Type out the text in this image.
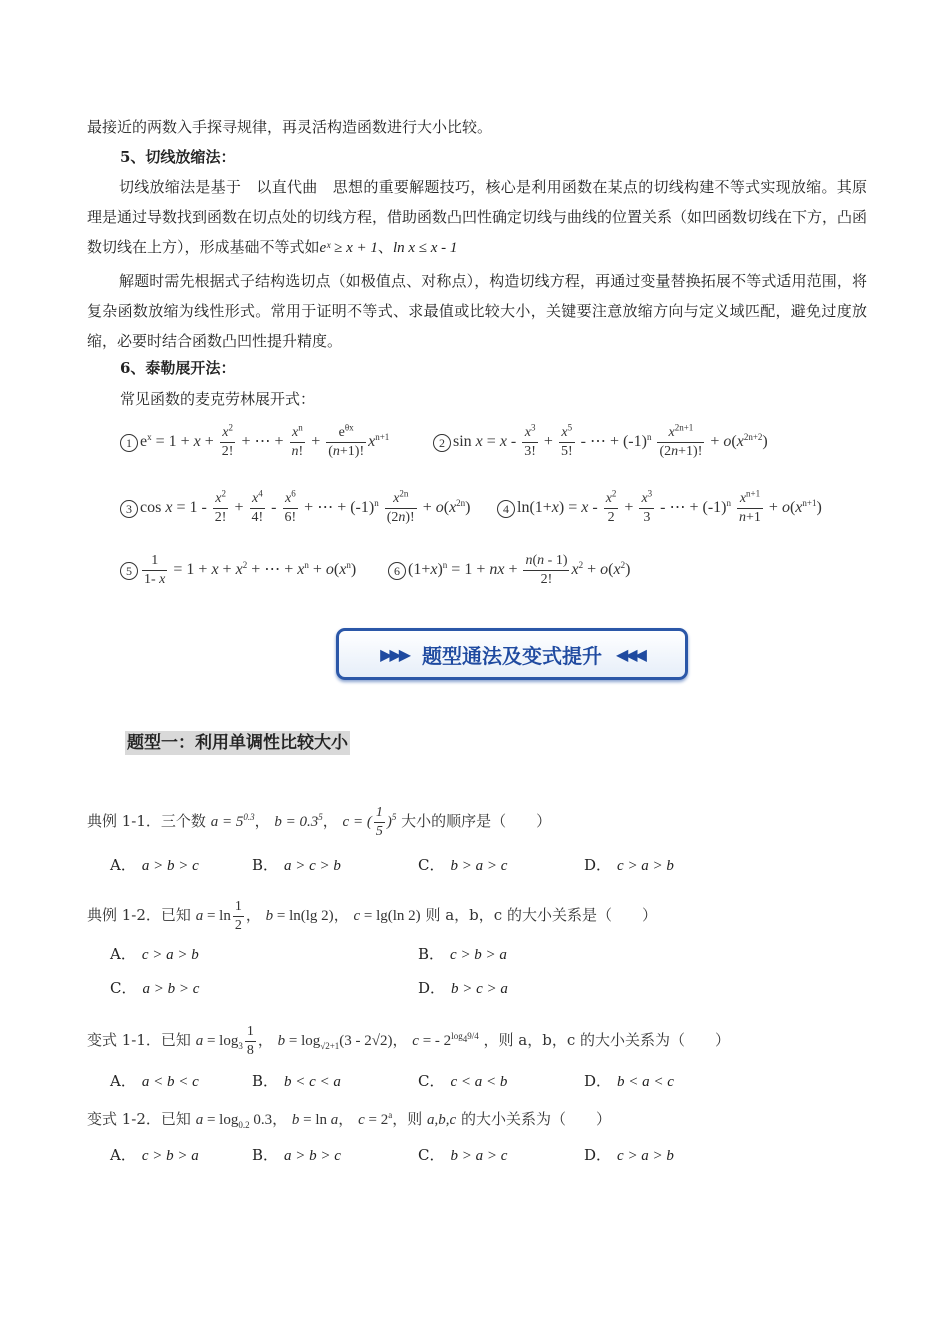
最接近的两数入手探寻规律，再灵活构造函数进行大小比较。
5、切线放缩法：
切线放缩法是基于　以直代曲　思想的重要解题技巧，核心是利用函数在某点的切线构建不等式实现放缩。其原理是通过导数找到函数在切点处的切线方程，借助函数凸凹性确定切线与曲线的位置关系（如凹函数切线在下方，凸函数切线在上方），形成基础不等式如eˣ ≥ x + 1、ln x ≤ x - 1
解题时需先根据式子结构选切点（如极值点、对称点），构造切线方程，再通过变量替换拓展不等式适用范围，将复杂函数放缩为线性形式。常用于证明不等式、求最值或比较大小，关键要注意放缩方向与定义域匹配，避免过度放缩，必要时结合函数凸凹性提升精度。
6、泰勒展开法：
常见函数的麦克劳林展开式：
1 $e^x = 1 + x + \frac{x^2}{2!}$ + ⋯ + $\frac{x^n}{n!} + \frac{e^{\theta x}}{(n+1)!} x^{n+1}$	2 $\sin x = x - \frac{x^3}{3!} + \frac{x^5}{5!}$ - ⋯ + $(-1)^n \frac{x^{2n+1}}{(2n+1)!} + o(x^{2n+2})$
3 $\cos x = 1 - \frac{x^2}{2!} + \frac{x^4}{4!} - \frac{x^6}{6!}$ + ⋯ + $(-1)^n \frac{x^{2n}}{(2n)!} + o(x^{2n})$	4 $\ln(1+x) = x - \frac{x^2}{2} + \frac{x^3}{3}$ - ⋯ + $(-1)^n \frac{x^{n+1}}{n+1} + o(x^{n+1})$
$5 \frac{1}{1- x} = 1 + x + x^2$ + ⋯ + $x^n + o(x^n)$	6 $(1+x)^n = 1$ + nx + $\frac{n(n - 1)}{2!} x^2 + o(x^2)$
▶▶▶ 题型通法及变式提升 ◀◀◀
题型一：利用单调性比较大小
典例 1-1．三个数 $a = 5^{0.3}$， $b = 0.3^5$， c = ( $\frac{1}{5} )^5$ 大小的顺序是（　　）
A． a > b > c	B． a > c > b	C． b > a > c	D． c > a > b
典例 1-2．已知 $a = \ln \frac{1}{2}$ ， b = ln(lg 2)， c = lg(ln 2) 则 a，b，c 的大小关系是（　　）
A． c > a > b	B． c > b > a
C． a > b > c	D． b > c > a
变式 1-1．已知 $a = \log_3 \frac{1}{8}$ ， $b = \log_{√2+1}(3 - 2√2)$， c = - $2^{log_49/4}$ ，则 a，b，c 的大小关系为（　　）
A． a < b < c	B． b < c < a	C． c < a < b	D． b < a < c
变式 1-2．已知 $a = \log_{0.2} 0.3$， b = ln a， $c = 2^a$，则 a,b,c 的大小关系为（　　）
A． c > b > a	B． a > b > c	C． b > a > c	D． c > a > b
